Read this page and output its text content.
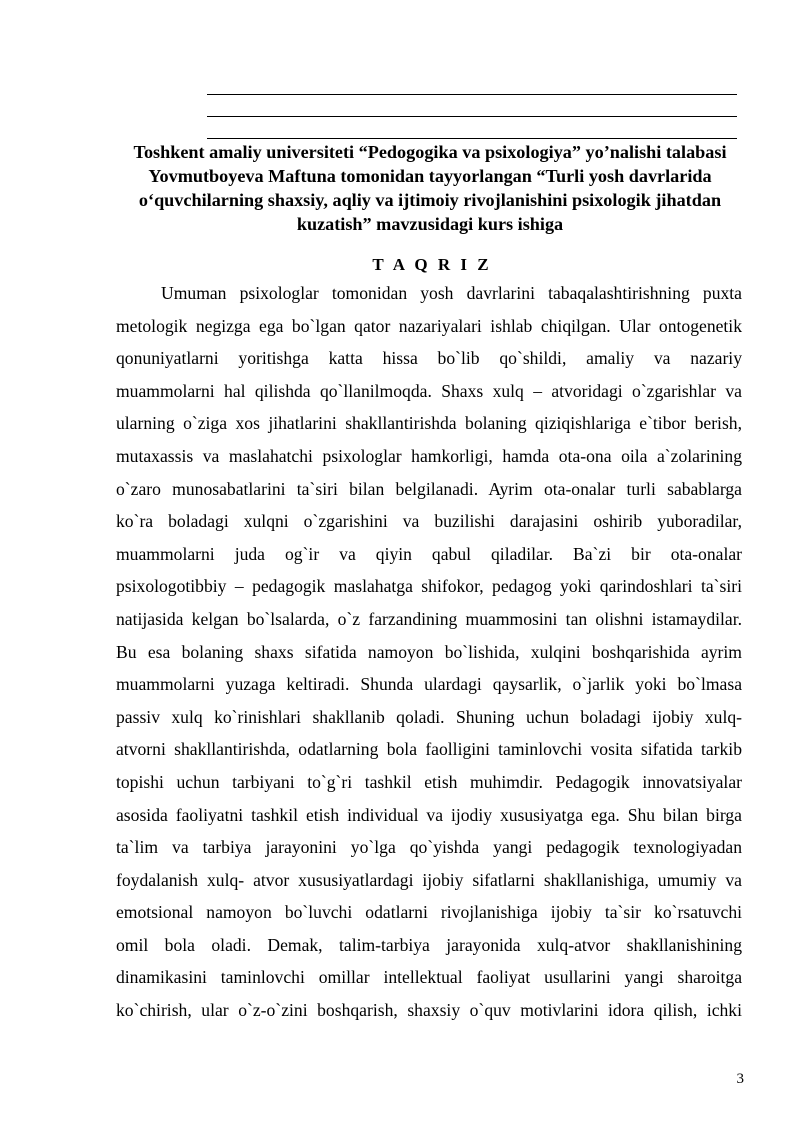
Toshkent amaliy universiteti “Pedogogika va psixologiya” yo’nalishi talabasi
Yovmutboyeva Maftuna tomonidan tayyorlangan “Turli yosh davrlarida
o‘quvchilarning shaxsiy, aqliy va ijtimoiy rivojlanishini psixologik jihatdan
kuzatish” mavzusidagi kurs ishiga
T A Q R I Z
Umuman psixologlar tomonidan yosh davrlarini tabaqalashtirishning puxta
metologik negizga ega bo`lgan qator nazariyalari ishlab chiqilgan. Ular ontogenetik
qonuniyatlarni yoritishga katta hissa bo`lib qo`shildi, amaliy va nazariy
muammolarni hal qilishda qo`llanilmoqda. Shaxs xulq – atvoridagi o`zgarishlar va
ularning o`ziga xos jihatlarini shakllantirishda bolaning qiziqishlariga e`tibor berish,
mutaxassis va maslahatchi psixologlar hamkorligi, hamda ota-ona oila a`zolarining
o`zaro munosabatlarini ta`siri bilan belgilanadi. Ayrim ota-onalar turli sabablarga
ko`ra boladagi xulqni o`zgarishini va buzilishi darajasini oshirib yuboradilar,
muammolarni juda og`ir va qiyin qabul qiladilar. Ba`zi bir ota-onalar
psixologotibbiy – pedagogik maslahatga shifokor, pedagog yoki qarindoshlari ta`siri
natijasida kelgan bo`lsalarda, o`z farzandining muammosini tan olishni istamaydilar.
Bu esa bolaning shaxs sifatida namoyon bo`lishida, xulqini boshqarishida ayrim
muammolarni yuzaga keltiradi. Shunda ulardagi qaysarlik, o`jarlik yoki bo`lmasa
passiv xulq ko`rinishlari shakllanib qoladi. Shuning uchun boladagi ijobiy xulq-
atvorni shakllantirishda, odatlarning bola faolligini taminlovchi vosita sifatida tarkib
topishi uchun tarbiyani to`g`ri tashkil etish muhimdir. Pedagogik innovatsiyalar
asosida faoliyatni tashkil etish individual va ijodiy xususiyatga ega. Shu bilan birga
ta`lim va tarbiya jarayonini yo`lga qo`yishda yangi pedagogik texnologiyadan
foydalanish xulq- atvor xususiyatlardagi ijobiy sifatlarni shakllanishiga, umumiy va
emotsional namoyon bo`luvchi odatlarni rivojlanishiga ijobiy ta`sir ko`rsatuvchi
omil bola oladi. Demak, talim-tarbiya jarayonida xulq-atvor shakllanishining
dinamikasini taminlovchi omillar intellektual faoliyat usullarini yangi sharoitga
ko`chirish, ular o`z-o`zini boshqarish, shaxsiy o`quv motivlarini idora qilish, ichki
3
